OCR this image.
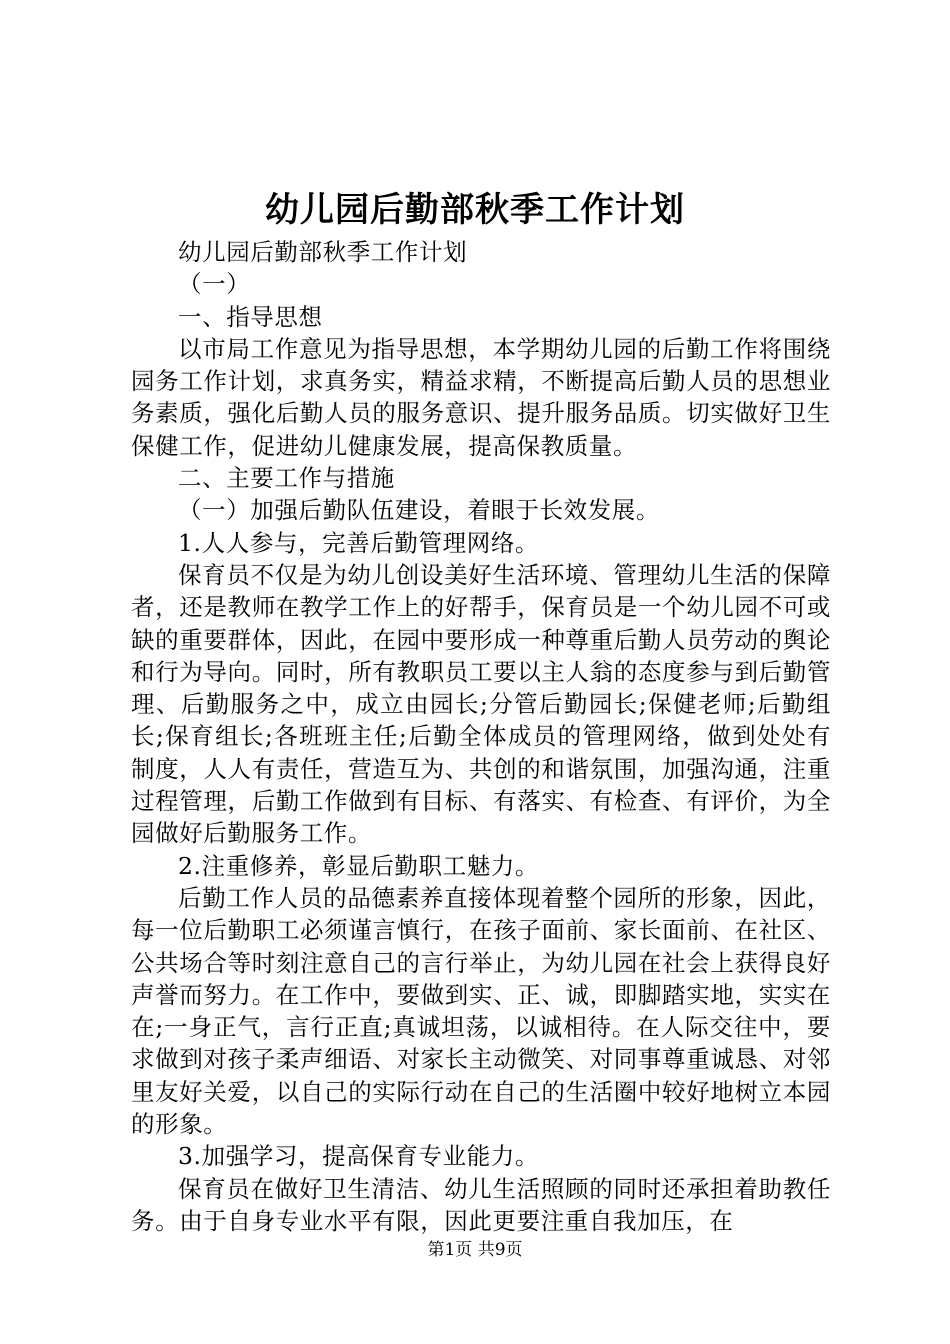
幼儿园后勤部秋季工作计划

幼儿园后勤部秋季工作计划

（一）

一、指导思想

以市局工作意见为指导思想，本学期幼儿园的后勤工作将围绕园务工作计划，求真务实，精益求精，不断提高后勤人员的思想业务素质，强化后勤人员的服务意识、提升服务品质。切实做好卫生保健工作，促进幼儿健康发展，提高保教质量。

二、主要工作与措施

（一）加强后勤队伍建设，着眼于长效发展。

1.人人参与，完善后勤管理网络。

保育员不仅是为幼儿创设美好生活环境、管理幼儿生活的保障者，还是教师在教学工作上的好帮手，保育员是一个幼儿园不可或缺的重要群体，因此，在园中要形成一种尊重后勤人员劳动的舆论和行为导向。同时，所有教职员工要以主人翁的态度参与到后勤管理、后勤服务之中，成立由园长;分管后勤园长;保健老师;后勤组长;保育组长;各班班主任;后勤全体成员的管理网络，做到处处有制度，人人有责任，营造互为、共创的和谐氛围，加强沟通，注重过程管理，后勤工作做到有目标、有落实、有检查、有评价，为全园做好后勤服务工作。

2.注重修养，彰显后勤职工魅力。

后勤工作人员的品德素养直接体现着整个园所的形象，因此，每一位后勤职工必须谨言慎行，在孩子面前、家长面前、在社区、公共场合等时刻注意自己的言行举止，为幼儿园在社会上获得良好声誉而努力。在工作中，要做到实、正、诚，即脚踏实地，实实在在;一身正气，言行正直;真诚坦荡，以诚相待。在人际交往中，要求做到对孩子柔声细语、对家长主动微笑、对同事尊重诚恳、对邻里友好关爱，以自己的实际行动在自己的生活圈中较好地树立本园的形象。

3.加强学习，提高保育专业能力。

保育员在做好卫生清洁、幼儿生活照顾的同时还承担着助教任务。由于自身专业水平有限，因此更要注重自我加压，在

第1页 共9页
